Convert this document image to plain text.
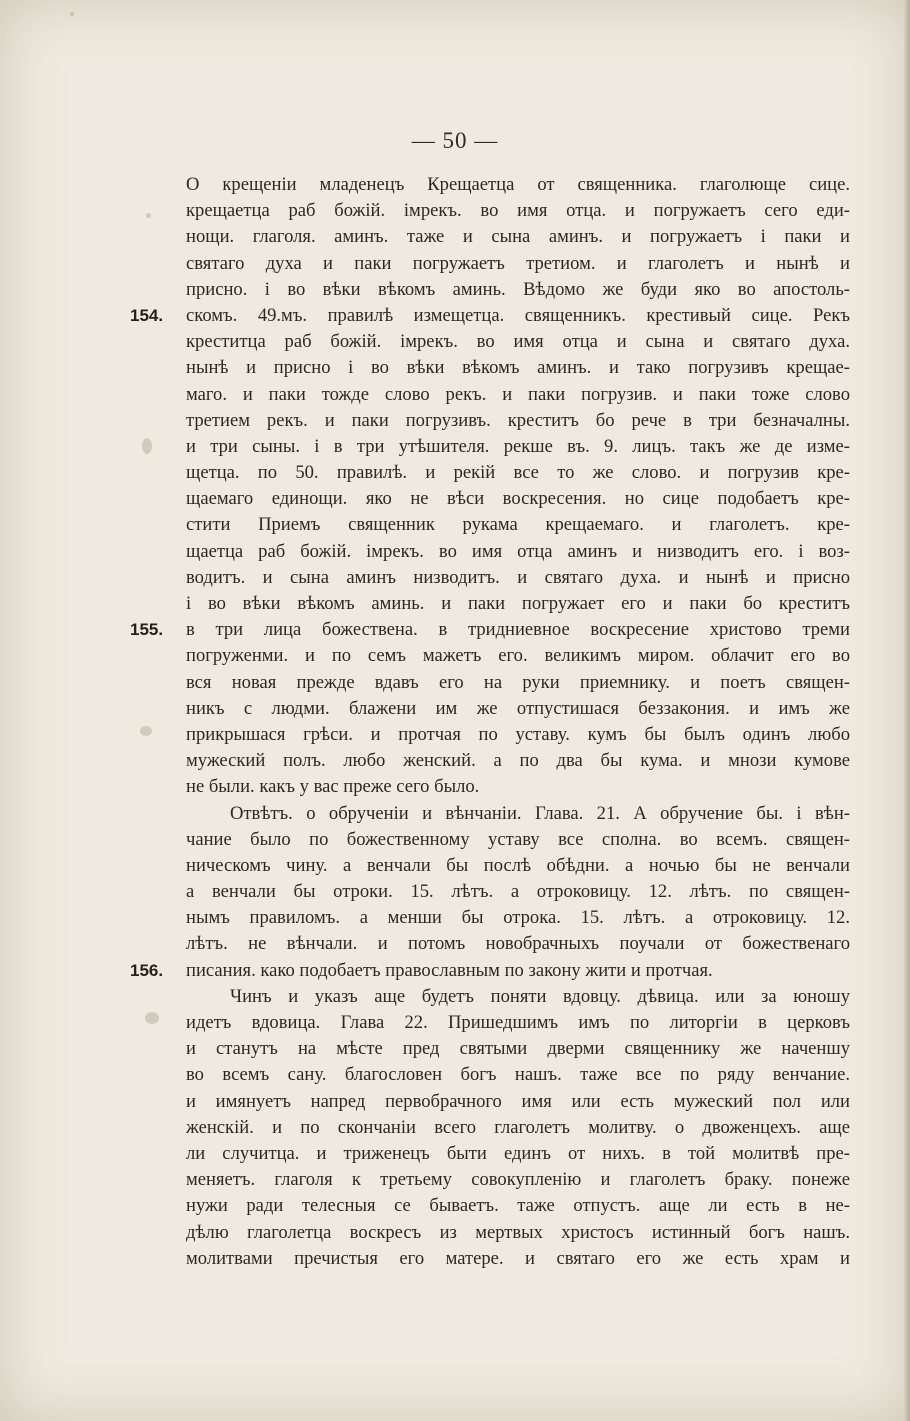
— 50 —
О крещенiи младенецъ Крещаетца от священника. глаголюще сице.
крещаетца раб божiй. iмрекъ. во имя отца. и погружаетъ сего еди-
нощи. глаголя. аминъ. таже и сына аминъ. и погружаетъ i паки и
святаго духа и паки погружаетъ третиом. и глаголетъ и нынѣ и
присно. i во вѣки вѣкомъ аминь. Вѣдомо же буди яко во апостоль-
скомъ. 49.мъ. правилѣ измещетца. священникъ. крестивый сице. Рекъ
154.
креститца раб божiй. iмрекъ. во имя отца и сына и святаго духа.
нынѣ и присно i во вѣки вѣкомъ аминъ. и тако погрузивъ крещае-
маго. и паки тожде слово рекъ. и паки погрузив. и паки тоже слово
третием рекъ. и паки погрузивъ. креститъ бо рече в три безначалны.
и три сыны. i в три утѣшителя. рекше въ. 9. лицъ. такъ же де изме-
щетца. по 50. правилѣ. и рекiй все то же слово. и погрузив кре-
щаемаго единощи. яко не вѣси воскресения. но сице подобаетъ кре-
стити Приемъ священник рукама крещаемаго. и глаголетъ. кре-
щаетца раб божiй. iмрекъ. во имя отца аминъ и низводитъ его. i воз-
водитъ. и сына аминъ низводитъ. и святаго духа. и нынѣ и присно
i во вѣки вѣкомъ аминь. и паки погружает его и паки бо креститъ
в три лица божествена. в тридниевное воскресение христово треми
155.
погруженми. и по семъ мажетъ его. великимъ миром. облачит его во
вся новая прежде вдавъ его на руки приемнику. и поетъ священ-
никъ с людми. блажени им же отпустишася беззакония. и имъ же
прикрышася грѣси. и протчая по уставу. кумъ бы былъ одинъ любо
мужеский полъ. любо женский. а по два бы кума. и мнози кумове
не были. какъ у вас преже сего было.
Отвѣтъ. о обрученiи и вѣнчанiи. Глава. 21. А обручение бы. i вѣн-
чание было по божественному уставу все сполна. во всемъ. священ-
ническомъ чину. а венчали бы послѣ обѣдни. а ночью бы не венчали
а венчали бы отроки. 15. лѣтъ. а отроковицу. 12. лѣтъ. по священ-
нымъ правиломъ. а менши бы отрока. 15. лѣтъ. а отроковицу. 12.
лѣтъ. не вѣнчали. и потомъ новобрачныхъ поучали от божественаго
писания. како подобаетъ православным по закону жити и протчая.
156.
Чинъ и указъ аще будетъ поняти вдовцу. дѣвица. или за юношу
идетъ вдовица. Глава 22. Пришедшимъ имъ по литоргiи в церковъ
и станутъ на мѣсте пред святыми дверми священнику же наченшу
во всемъ сану. благословен богъ нашъ. таже все по ряду венчание.
и имянуетъ напред первобрачного имя или есть мужеский пол или
женскiй. и по скончанiи всего глаголетъ молитву. о двоженцехъ. аще
ли случитца. и триженецъ быти единъ от нихъ. в той молитвѣ пре-
меняетъ. глаголя к третьему совокупленiю и глаголетъ браку. понеже
нужи ради телесныя се бываетъ. таже отпустъ. аще ли есть в не-
дѣлю глаголетца воскресъ из мертвых христосъ истинный богъ нашъ.
молитвами пречистыя его матере. и святаго его же есть храм и
